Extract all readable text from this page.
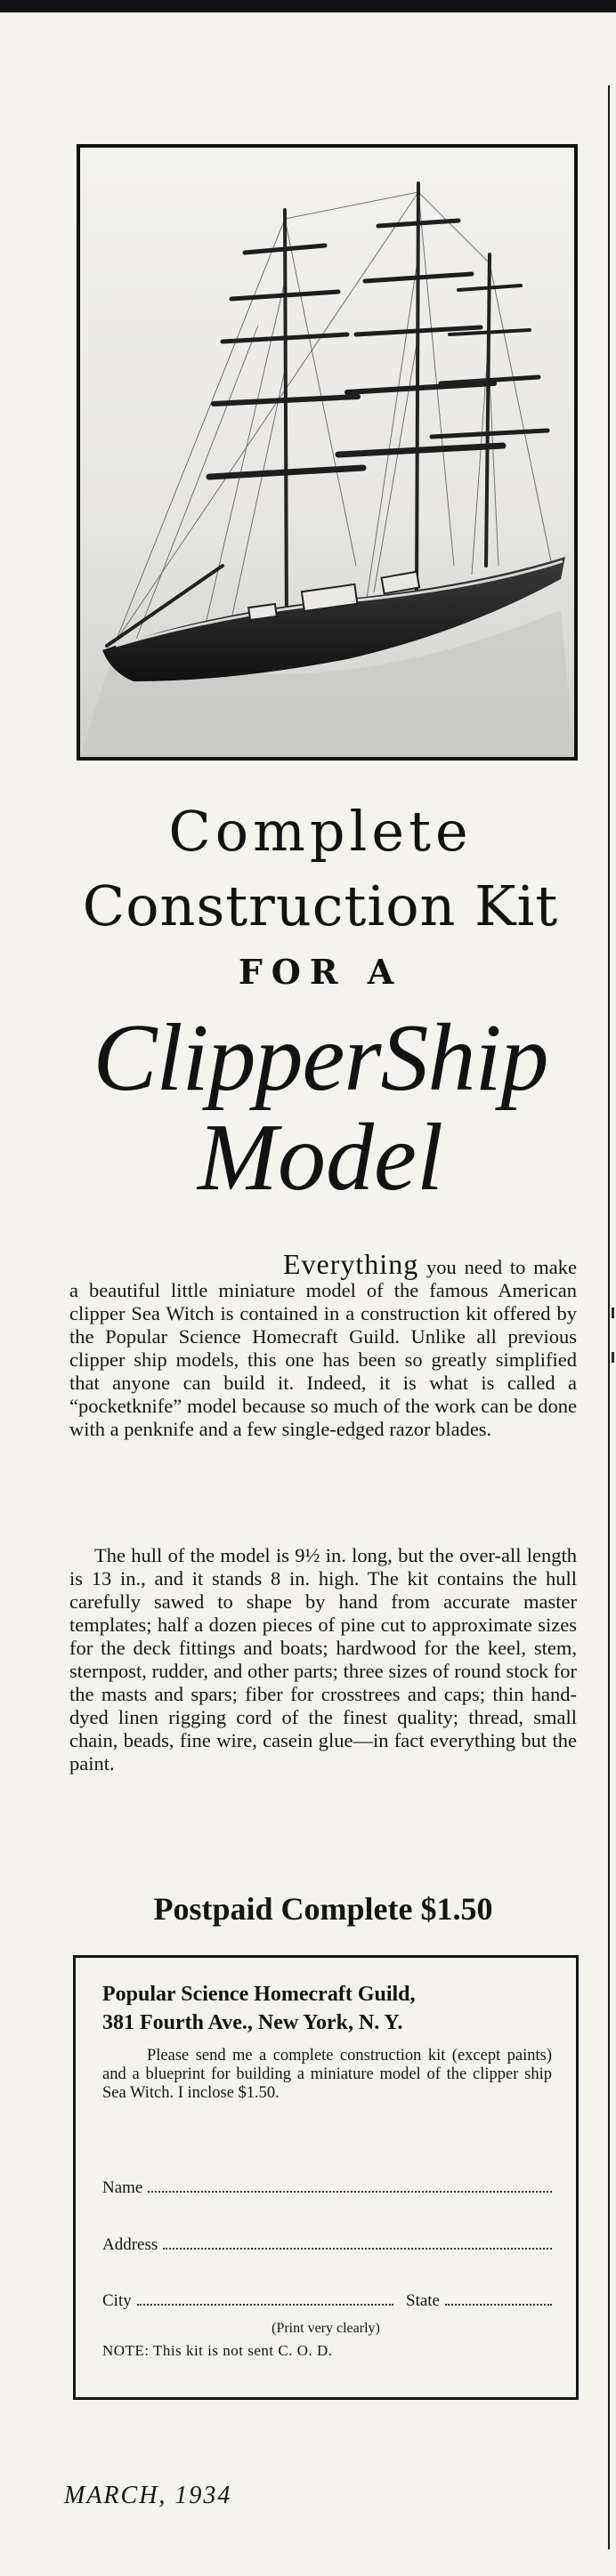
Complete
Construction Kit
FOR A
ClipperShip
Model

Everything you need to make a beautiful little miniature model of the famous American clipper Sea Witch is contained in a construction kit offered by the Popular Science Homecraft Guild. Unlike all previous clipper ship models, this one has been so greatly simplified that anyone can build it. Indeed, it is what is called a “pocketknife” model because so much of the work can be done with a penknife and a few single-edged razor blades.

The hull of the model is 9½ in. long, but the over-all length is 13 in., and it stands 8 in. high. The kit contains the hull carefully sawed to shape by hand from accurate master templates; half a dozen pieces of pine cut to approximate sizes for the deck fittings and boats; hardwood for the keel, stem, sternpost, rudder, and other parts; three sizes of round stock for the masts and spars; fiber for crosstrees and caps; thin hand-dyed linen rigging cord of the finest quality; thread, small chain, beads, fine wire, casein glue—in fact everything but the paint.

Postpaid Complete $1.50

Popular Science Homecraft Guild,

381 Fourth Ave., New York, N. Y.

Please send me a complete construction kit (except paints) and a blueprint for building a miniature model of the clipper ship Sea Witch. I inclose $1.50.

Name
Address
City	State

(Print very clearly)

NOTE: This kit is not sent C. O. D.

MARCH, 1934
